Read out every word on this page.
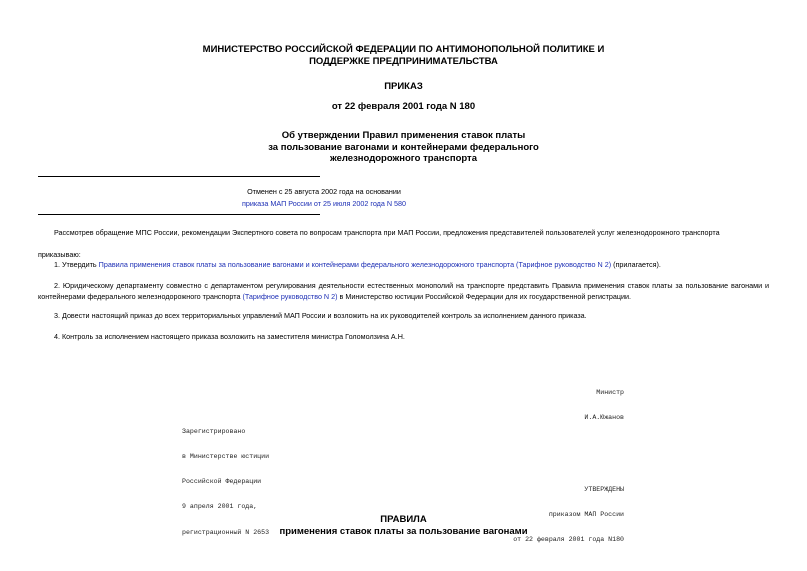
МИНИСТЕРСТВО РОССИЙСКОЙ ФЕДЕРАЦИИ ПО АНТИМОНОПОЛЬНОЙ ПОЛИТИКЕ И
ПОДДЕРЖКЕ ПРЕДПРИНИМАТЕЛЬСТВА
ПРИКАЗ
от 22 февраля 2001 года N 180
Об утверждении Правил применения ставок платы
за пользование вагонами и контейнерами федерального
железнодорожного транспорта
Отменен с 25 августа 2002 года на основании
приказа МАП России от 25 июля 2002 года N 580
Рассмотрев обращение МПС России, рекомендации Экспертного совета по вопросам транспорта при МАП России, предложения представителей пользователей услуг железнодорожного транспорта
приказываю:
1. Утвердить Правила применения ставок платы за пользование вагонами и контейнерами федерального железнодорожного транспорта (Тарифное руководство N 2) (прилагается).
2. Юридическому департаменту совместно с департаментом регулирования деятельности естественных монополий на транспорте представить Правила применения ставок платы за пользование вагонами и контейнерами федерального железнодорожного транспорта (Тарифное руководство N 2) в Министерство юстиции Российской Федерации для их государственной регистрации.
3. Довести настоящий приказ до всех территориальных управлений МАП России и возложить на их руководителей контроль за исполнением данного приказа.
4. Контроль за исполнением настоящего приказа возложить на заместителя министра Голомолзина А.Н.

Министр

И.А.Южанов

Зарегистрировано

в Министерстве юстиции

Российской Федерации

9 апреля 2001 года,

регистрационный N 2653

УТВЕРЖДЕНЫ

приказом МАП России

от 22 февраля 2001 года N180

ПРАВИЛА
применения ставок платы за пользование вагонами
